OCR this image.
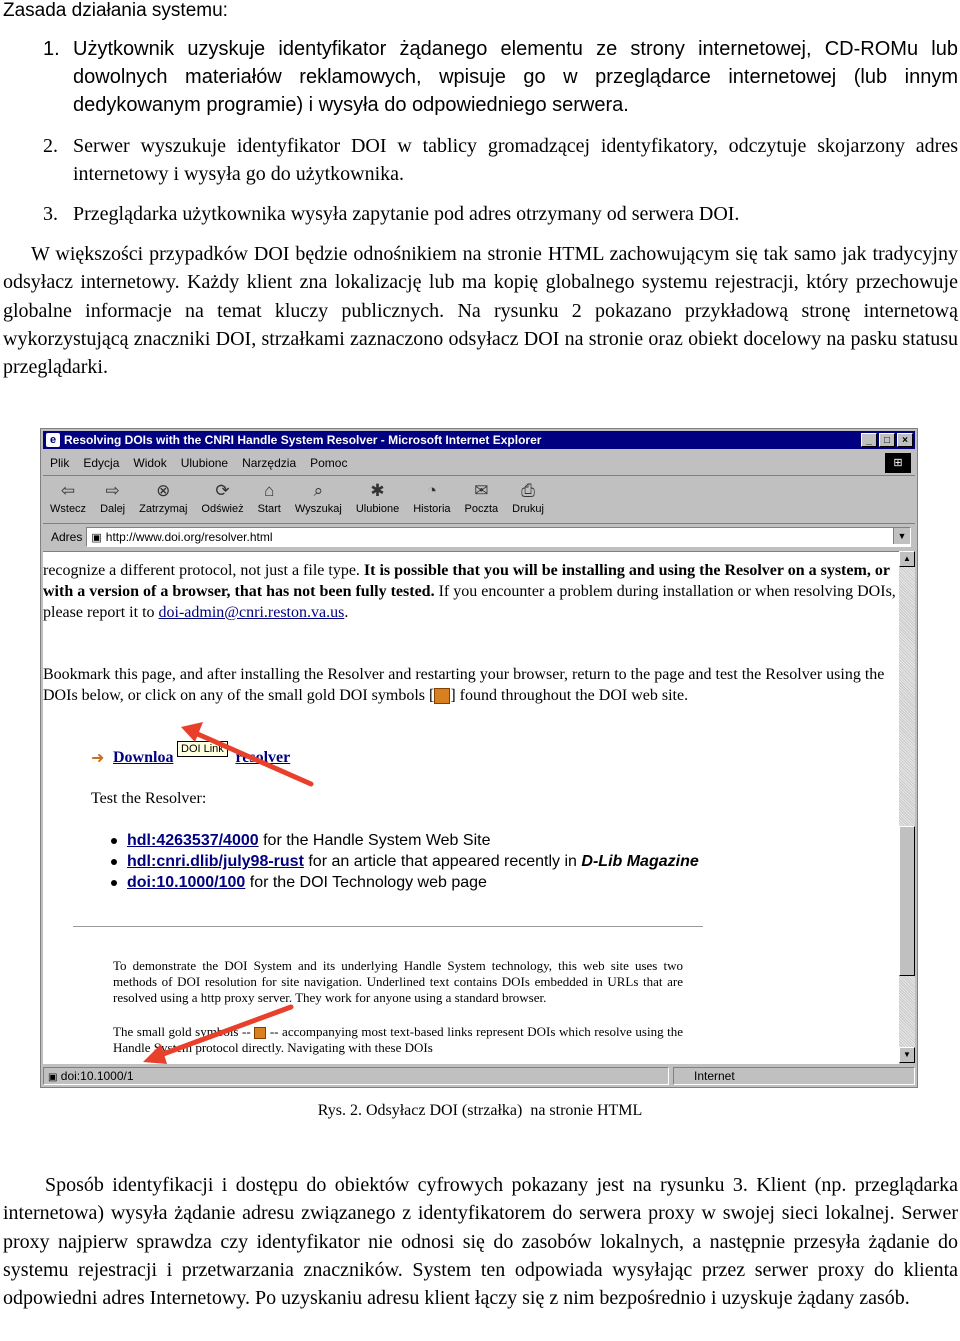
Zasada działania systemu:
1. Użytkownik uzyskuje identyfikator żądanego elementu ze strony internetowej, CD-ROMu lub dowolnych materiałów reklamowych, wpisuje go w przeglądarce internetowej (lub innym dedykowanym programie) i wysyła do odpowiedniego serwera.
2. Serwer wyszukuje identyfikator DOI w tablicy gromadzącej identyfikatory, odczytuje skojarzony adres internetowy i wysyła go do użytkownika.
3. Przeglądarka użytkownika wysyła zapytanie pod adres otrzymany od serwera DOI.
W większości przypadków DOI będzie odnośnikiem na stronie HTML zachowującym się tak samo jak tradycyjny odsyłacz internetowy. Każdy klient zna lokalizację lub ma kopię globalnego systemu rejestracji, który przechowuje globalne informacje na temat kluczy publicznych. Na rysunku 2 pokazano przykładową stronę internetową wykorzystującą znaczniki DOI, strzałkami zaznaczono odsyłacz DOI na stronie oraz obiekt docelowy na pasku statusu przeglądarki.
e Resolving DOIs with the CNRI Handle System Resolver - Microsoft Internet Explorer	_	□	×
Plik	Edycja	Widok	Ulubione	Narzędzia	Pomoc	⊞
⇦
Wstecz
⇨
Dalej
⊗
Zatrzymaj
⟳
Odśwież
⌂
Start
⌕
Wyszukaj
✱
Ulubione
◔
Historia
✉
Poczta
⎙
Drukuj
Adres ▣ http://www.doi.org/resolver.html	▼
recognize a different protocol, not just a file type. It is possible that you will be installing and using the Resolver on a system, or with a version of a browser, that has not been fully tested. If you encounter a problem during installation or when resolving DOIs, please report it to doi-admin@cnri.reston.va.us.
Bookmark this page, and after installing the Resolver and restarting your browser, return to the page and test the Resolver using the DOIs below, or click on any of the small gold DOI symbols [ ] found throughout the DOI web site.
DOI Link
➜ Downloa	resolver
Test the Resolver:
hdl:4263537/4000 for the Handle System Web Site
hdl:cnri.dlib/july98-rust for an article that appeared recently in D-Lib Magazine
doi:10.1000/100 for the DOI Technology web page
To demonstrate the DOI System and its underlying Handle System technology, this web site uses two methods of DOI resolution for site navigation. Underlined text contains DOIs embedded in URLs that are resolved using a http proxy server. They work for anyone using a standard browser.
The small gold symbols -- -- accompanying most text-based links represent DOIs which resolve using the Handle System protocol directly. Navigating with these DOIs
▲
▼
▣ doi:10.1000/1	Internet
Rys. 2. Odsyłacz DOI (strzałka) na stronie HTML
Sposób identyfikacji i dostępu do obiektów cyfrowych pokazany jest na rysunku 3. Klient (np. przeglądarka internetowa) wysyła żądanie adresu związanego z identyfikatorem do serwera proxy w swojej sieci lokalnej. Serwer proxy najpierw sprawdza czy identyfikator nie odnosi się do zasobów lokalnych, a następnie przesyła żądanie do systemu rejestracji i przetwarzania znaczników. System ten odpowiada wysyłając przez serwer proxy do klienta odpowiedni adres Internetowy. Po uzyskaniu adresu klient łączy się z nim bezpośrednio i uzyskuje żądany zasób.
